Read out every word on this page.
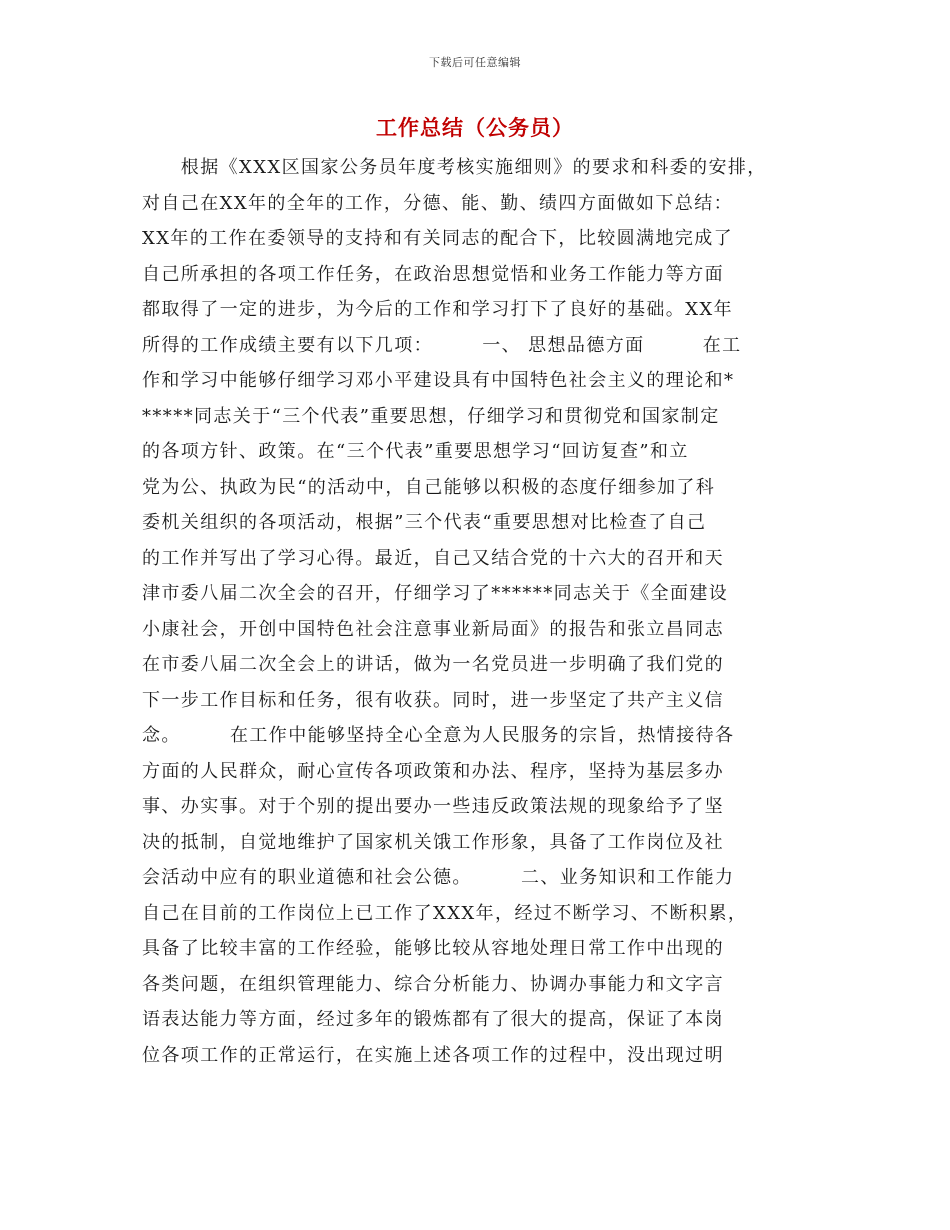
下载后可任意编辑
工作总结（公务员）
　　根据《XXX区国家公务员年度考核实施细则》的要求和科委的安排，
对自己在XX年的全年的工作，分德、能、勤、绩四方面做如下总结：
XX年的工作在委领导的支持和有关同志的配合下，比较圆满地完成了
自己所承担的各项工作任务，在政治思想觉悟和业务工作能力等方面
都取得了一定的进步，为今后的工作和学习打下了良好的基础。XX年
所得的工作成绩主要有以下几项：　　　一、 思想品德方面　　　在工
作和学习中能够仔细学习邓小平建设具有中国特色社会主义的理论和*
*****同志关于“三个代表”重要思想，仔细学习和贯彻党和国家制定
的各项方针、政策。在“三个代表”重要思想学习“回访复查”和立
党为公、执政为民“的活动中，自己能够以积极的态度仔细参加了科
委机关组织的各项活动，根据”三个代表“重要思想对比检查了自己
的工作并写出了学习心得。最近，自己又结合党的十六大的召开和天
津市委八届二次全会的召开，仔细学习了******同志关于《全面建设
小康社会，开创中国特色社会注意事业新局面》的报告和张立昌同志
在市委八届二次全会上的讲话，做为一名党员进一步明确了我们党的
下一步工作目标和任务，很有收获。同时，进一步坚定了共产主义信
念。　　　在工作中能够坚持全心全意为人民服务的宗旨，热情接待各
方面的人民群众，耐心宣传各项政策和办法、程序，坚持为基层多办
事、办实事。对于个别的提出要办一些违反政策法规的现象给予了坚
决的抵制，自觉地维护了国家机关饿工作形象，具备了工作岗位及社
会活动中应有的职业道德和社会公德。　　　二、业务知识和工作能力
自己在目前的工作岗位上已工作了XXX年，经过不断学习、不断积累，
具备了比较丰富的工作经验，能够比较从容地处理日常工作中出现的
各类问题，在组织管理能力、综合分析能力、协调办事能力和文字言
语表达能力等方面，经过多年的锻炼都有了很大的提高，保证了本岗
位各项工作的正常运行，在实施上述各项工作的过程中，没出现过明
